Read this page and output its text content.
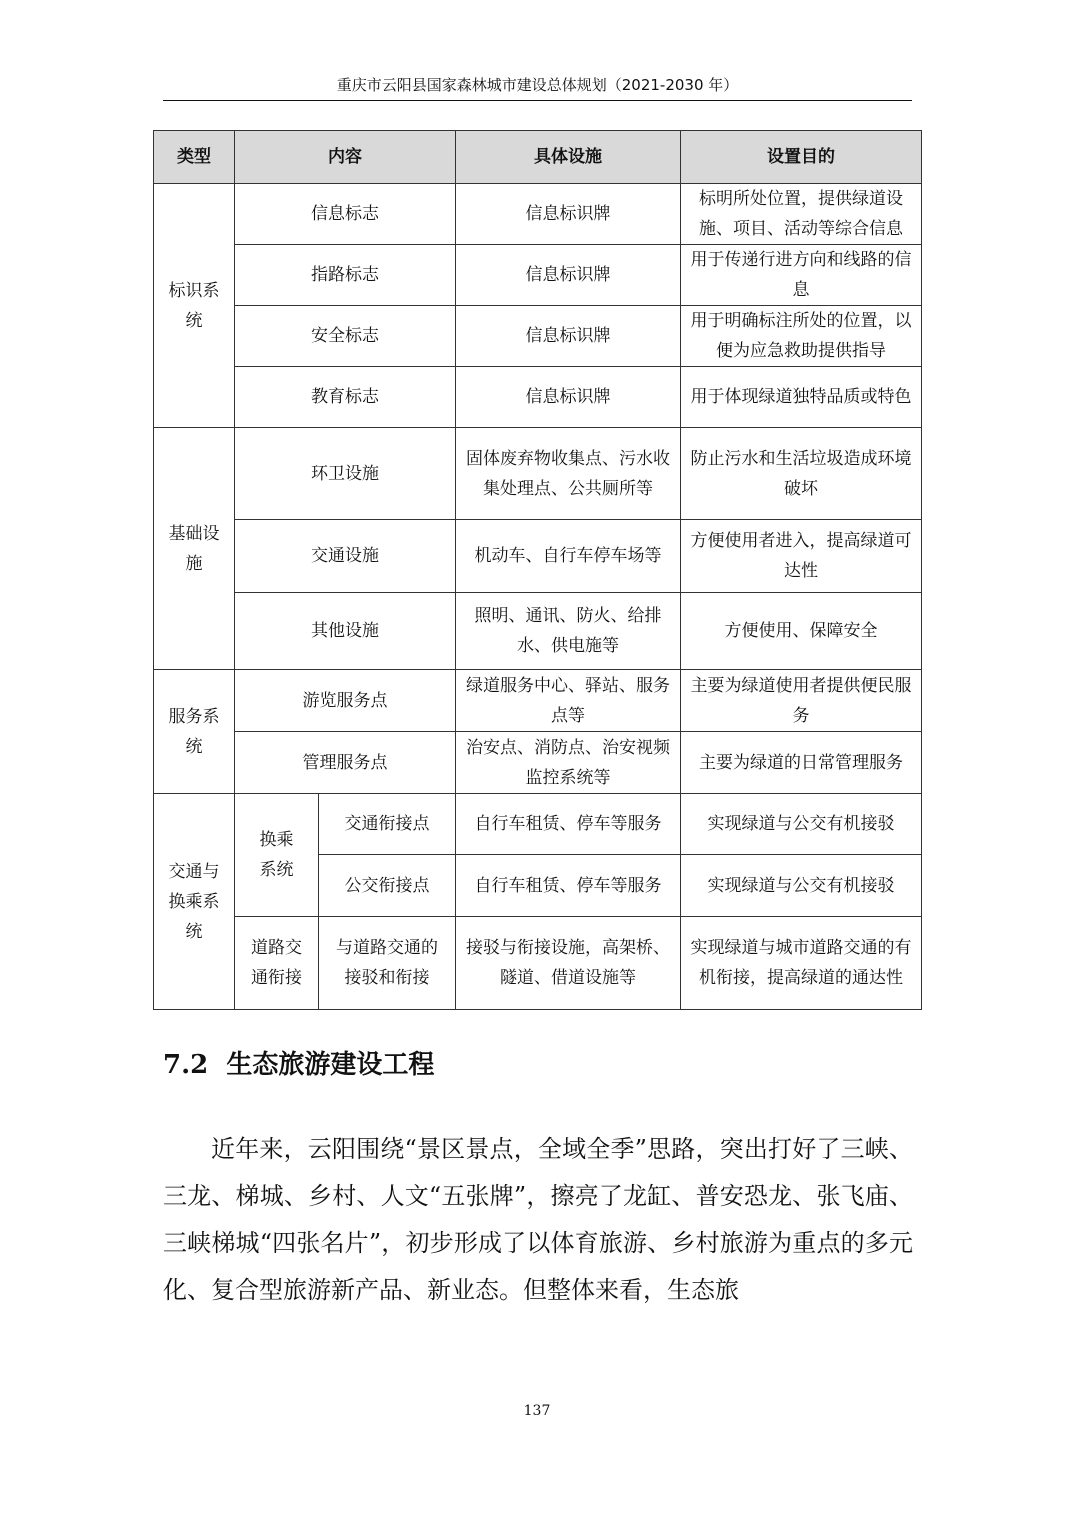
重庆市云阳县国家森林城市建设总体规划（2021-2030 年）
类型	内容		具体设施	设置目的
标识系统	信息标志		信息标识牌	标明所处位置，提供绿道设施、项目、活动等综合信息
	指路标志		信息标识牌	用于传递行进方向和线路的信息
	安全标志		信息标识牌	用于明确标注所处的位置，以便为应急救助提供指导
	教育标志		信息标识牌	用于体现绿道独特品质或特色
基础设施	环卫设施		固体废弃物收集点、污水收集处理点、公共厕所等	防止污水和生活垃圾造成环境破坏
	交通设施		机动车、自行车停车场等	方便使用者进入，提高绿道可达性
	其他设施		照明、通讯、防火、给排水、供电施等	方便使用、保障安全
服务系统	游览服务点		绿道服务中心、驿站、服务点等	主要为绿道使用者提供便民服务
	管理服务点		治安点、消防点、治安视频监控系统等	主要为绿道的日常管理服务
交通与换乘系统	换乘系统	交通衔接点	自行车租赁、停车等服务	实现绿道与公交有机接驳
		公交衔接点	自行车租赁、停车等服务	实现绿道与公交有机接驳
	道路交通衔接	与道路交通的接驳和衔接	接驳与衔接设施，高架桥、隧道、借道设施等	实现绿道与城市道路交通的有机衔接，提高绿道的通达性
7.2  生态旅游建设工程

近年来，云阳围绕“景区景点，全域全季”思路，突出打好了三峡、三龙、梯城、乡村、人文“五张牌”，擦亮了龙缸、普安恐龙、张飞庙、三峡梯城“四张名片”，初步形成了以体育旅游、乡村旅游为重点的多元化、复合型旅游新产品、新业态。但整体来看，生态旅

137
